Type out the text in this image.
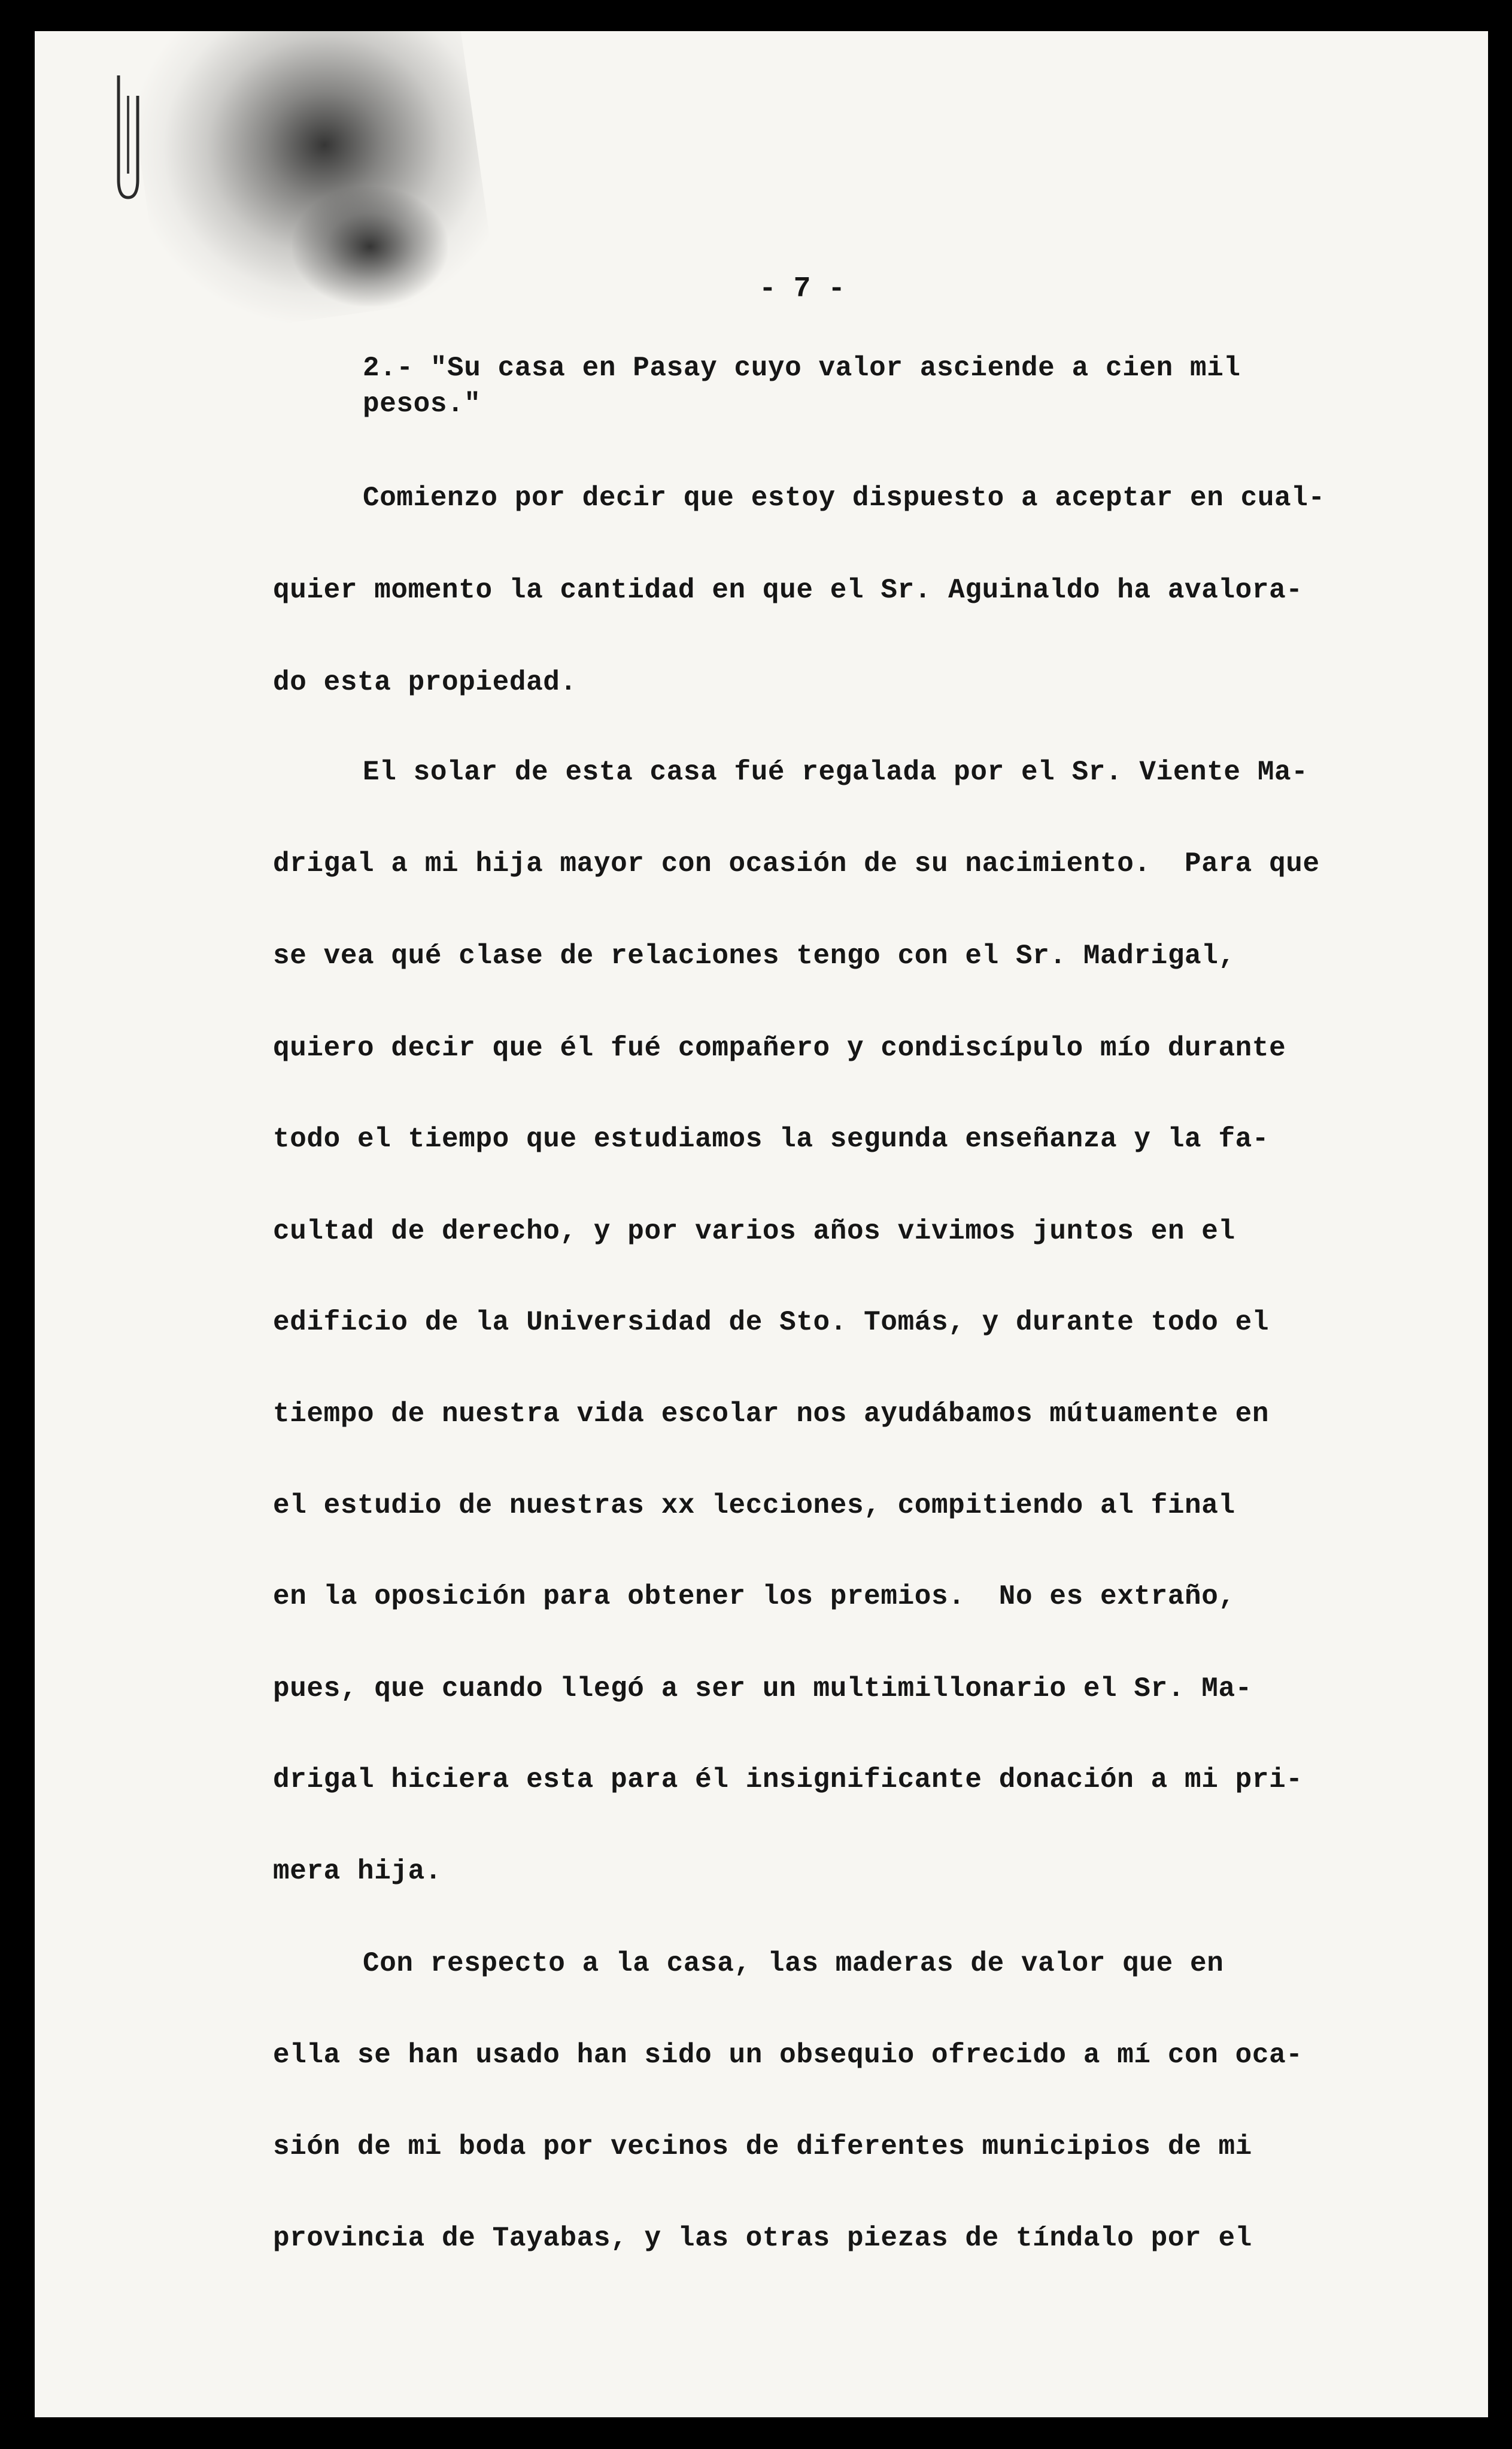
- 7 -

2.- "Su casa en Pasay cuyo valor asciende a cien mil

pesos."

Comienzo por decir que estoy dispuesto a aceptar en cual-

quier momento la cantidad en que el Sr. Aguinaldo ha avalora-

do esta propiedad.

El solar de esta casa fué regalada por el Sr. Viente Ma-

drigal a mi hija mayor con ocasión de su nacimiento.  Para que

se vea qué clase de relaciones tengo con el Sr. Madrigal,

quiero decir que él fué compañero y condiscípulo mío durante

todo el tiempo que estudiamos la segunda enseñanza y la fa-

cultad de derecho, y por varios años vivimos juntos en el

edificio de la Universidad de Sto. Tomás, y durante todo el

tiempo de nuestra vida escolar nos ayudábamos mútuamente en

el estudio de nuestras xx lecciones, compitiendo al final

en la oposición para obtener los premios.  No es extraño,

pues, que cuando llegó a ser un multimillonario el Sr. Ma-

drigal hiciera esta para él insignificante donación a mi pri-

mera hija.

Con respecto a la casa, las maderas de valor que en

ella se han usado han sido un obsequio ofrecido a mí con oca-

sión de mi boda por vecinos de diferentes municipios de mi

provincia de Tayabas, y las otras piezas de tíndalo por el
